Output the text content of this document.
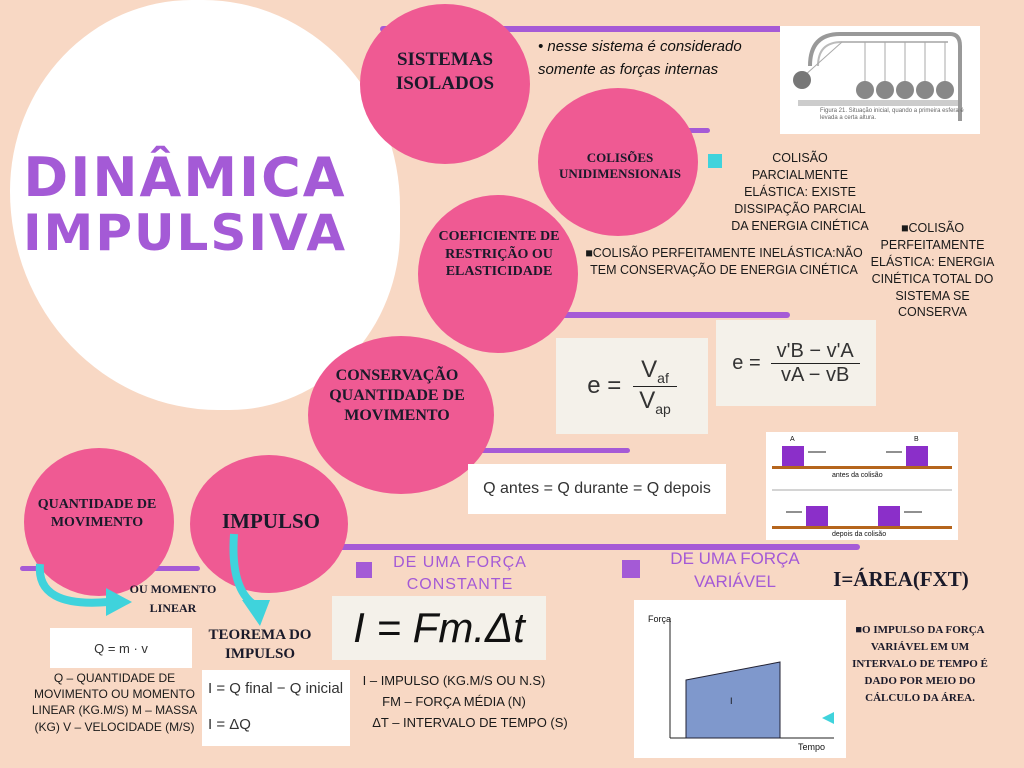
DINÂMICA
IMPULSIVA
SISTEMAS ISOLADOS
COLISÕES UNIDIMENSIONAIS
COEFICIENTE DE RESTRIÇÃO OU ELASTICIDADE
CONSERVAÇÃO QUANTIDADE DE MOVIMENTO
QUANTIDADE DE MOVIMENTO	IMPULSO
• nesse sistema é considerado somente as forças internas
Figura 21. Situação inicial, quando a primeira esfera é levada a certa altura.
COLISÃO PARCIALMENTE ELÁSTICA: EXISTE DISSIPAÇÃO PARCIAL DA ENERGIA CINÉTICA
■COLISÃO PERFEITAMENTE INELÁSTICA:NÃO TEM CONSERVAÇÃO DE ENERGIA CINÉTICA
■COLISÃO PERFEITAMENTE ELÁSTICA: ENERGIA CINÉTICA TOTAL DO SISTEMA SE CONSERVA
$e = \frac{V_{af}}{V_{ap}}$	$e = \frac{v'B - v'A}{vA - vB}$
Q antes = Q durante = Q depois
A	B
antes da colisão
depois da colisão
OU MOMENTO LINEAR
TEOREMA DO IMPULSO
Q = m · v
Q – QUANTIDADE DE MOVIMENTO OU MOMENTO LINEAR (KG.M/S) M – MASSA (KG) V – VELOCIDADE (M/S)
I = Q final − Q inicial
I = ΔQ
DE UMA FORÇA CONSTANTE
I = Fm.Δt
I – IMPULSO (KG.M/S OU N.S)
FM – FORÇA MÉDIA (N)
ΔT – INTERVALO DE TEMPO (S)
DE UMA FORÇA VARIÁVEL	I=ÁREA(FXT)
Força
Tempo
I
■O IMPULSO DA FORÇA VARIÁVEL EM UM INTERVALO DE TEMPO É DADO POR MEIO DO CÁLCULO DA ÁREA.
